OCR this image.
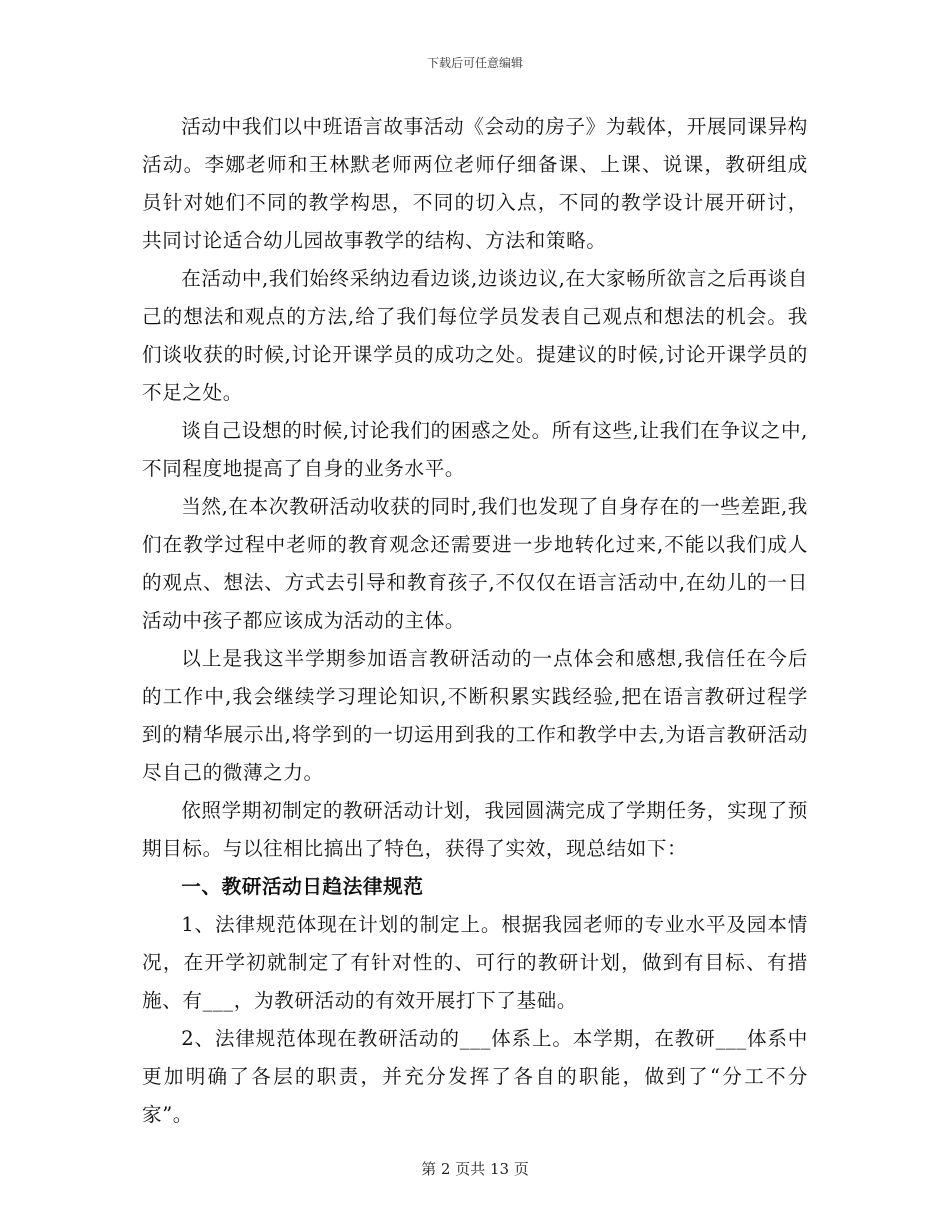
下载后可任意编辑

活动中我们以中班语言故事活动《会动的房子》为载体，开展同课异构活动。李娜老师和王林默老师两位老师仔细备课、上课、说课，教研组成员针对她们不同的教学构思，不同的切入点，不同的教学设计展开研讨，共同讨论适合幼儿园故事教学的结构、方法和策略。

在活动中,我们始终采纳边看边谈,边谈边议,在大家畅所欲言之后再谈自己的想法和观点的方法,给了我们每位学员发表自己观点和想法的机会。我们谈收获的时候,讨论开课学员的成功之处。提建议的时候,讨论开课学员的不足之处。

谈自己设想的时候,讨论我们的困惑之处。所有这些,让我们在争议之中,不同程度地提高了自身的业务水平。

当然,在本次教研活动收获的同时,我们也发现了自身存在的一些差距,我们在教学过程中老师的教育观念还需要进一步地转化过来,不能以我们成人的观点、想法、方式去引导和教育孩子,不仅仅在语言活动中,在幼儿的一日活动中孩子都应该成为活动的主体。

以上是我这半学期参加语言教研活动的一点体会和感想,我信任在今后的工作中,我会继续学习理论知识,不断积累实践经验,把在语言教研过程学到的精华展示出,将学到的一切运用到我的工作和教学中去,为语言教研活动尽自己的微薄之力。

依照学期初制定的教研活动计划，我园圆满完成了学期任务，实现了预期目标。与以往相比搞出了特色，获得了实效，现总结如下：

一、教研活动日趋法律规范

1、法律规范体现在计划的制定上。根据我园老师的专业水平及园本情况，在开学初就制定了有针对性的、可行的教研计划，做到有目标、有措施、有___，为教研活动的有效开展打下了基础。

2、法律规范体现在教研活动的___体系上。本学期，在教研___体系中更加明确了各层的职责，并充分发挥了各自的职能，做到了“分工不分家”。

第 2 页共 13 页
